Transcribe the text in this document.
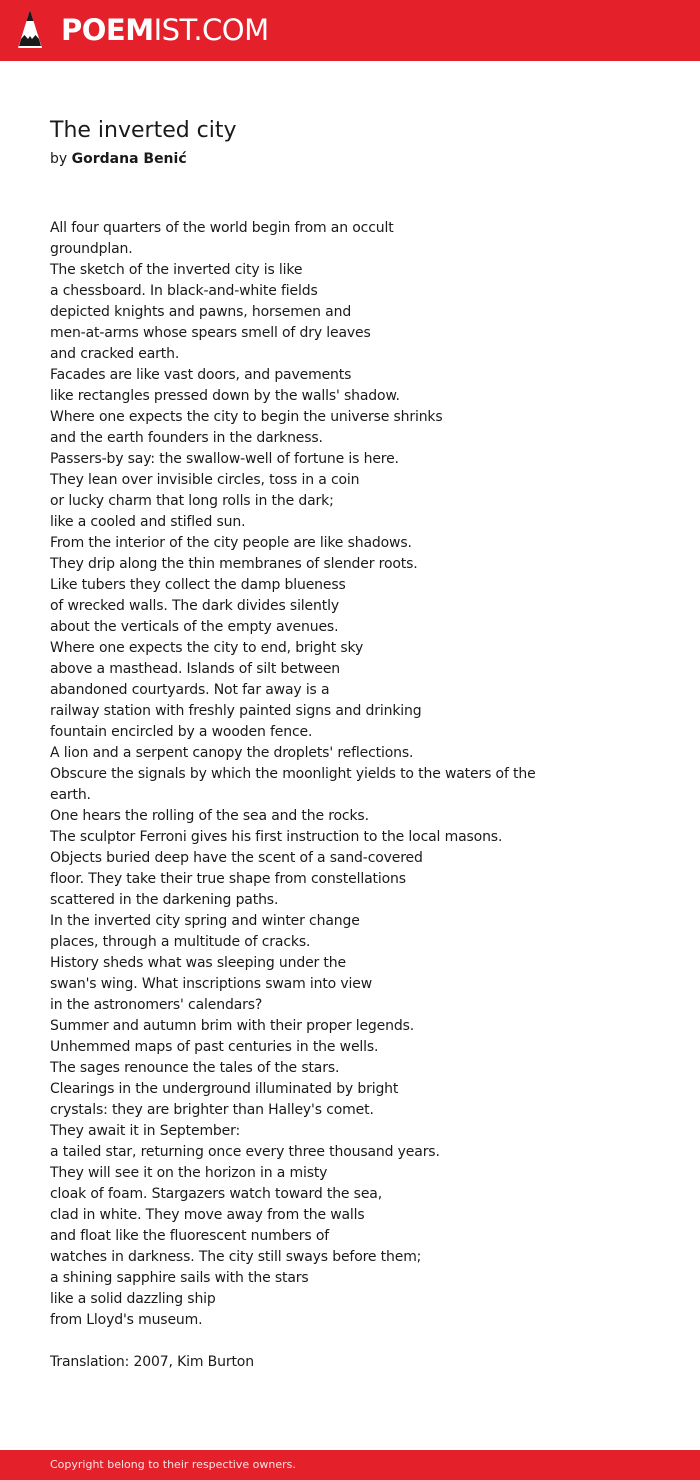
POEMIST.COM
The inverted city
by Gordana Benić
All four quarters of the world begin from an occult
groundplan.
The sketch of the inverted city is like
a chessboard. In black-and-white fields
depicted knights and pawns, horsemen and
men-at-arms whose spears smell of dry leaves
and cracked earth.
Facades are like vast doors, and pavements
like rectangles pressed down by the walls' shadow.
Where one expects the city to begin the universe shrinks
and the earth founders in the darkness.
Passers-by say: the swallow-well of fortune is here.
They lean over invisible circles, toss in a coin
or lucky charm that long rolls in the dark;
like a cooled and stifled sun.
From the interior of the city people are like shadows.
They drip along the thin membranes of slender roots.
Like tubers they collect the damp blueness
of wrecked walls. The dark divides silently
about the verticals of the empty avenues.
Where one expects the city to end, bright sky
above a masthead. Islands of silt between
abandoned courtyards. Not far away is a
railway station with freshly painted signs and drinking
fountain encircled by a wooden fence.
A lion and a serpent canopy the droplets' reflections.
Obscure the signals by which the moonlight yields to the waters of the
earth.
One hears the rolling of the sea and the rocks.
The sculptor Ferroni gives his first instruction to the local masons.
Objects buried deep have the scent of a sand-covered
floor. They take their true shape from constellations
scattered in the darkening paths.
In the inverted city spring and winter change
places, through a multitude of cracks.
History sheds what was sleeping under the
swan's wing. What inscriptions swam into view
in the astronomers' calendars?
Summer and autumn brim with their proper legends.
Unhemmed maps of past centuries in the wells.
The sages renounce the tales of the stars.
Clearings in the underground illuminated by bright
crystals: they are brighter than Halley's comet.
They await it in September:
a tailed star, returning once every three thousand years.
They will see it on the horizon in a misty
cloak of foam. Stargazers watch toward the sea,
clad in white. They move away from the walls
and float like the fluorescent numbers of
watches in darkness. The city still sways before them;
a shining sapphire sails with the stars
like a solid dazzling ship
from Lloyd's museum.
Translation: 2007, Kim Burton
Copyright belong to their respective owners.
